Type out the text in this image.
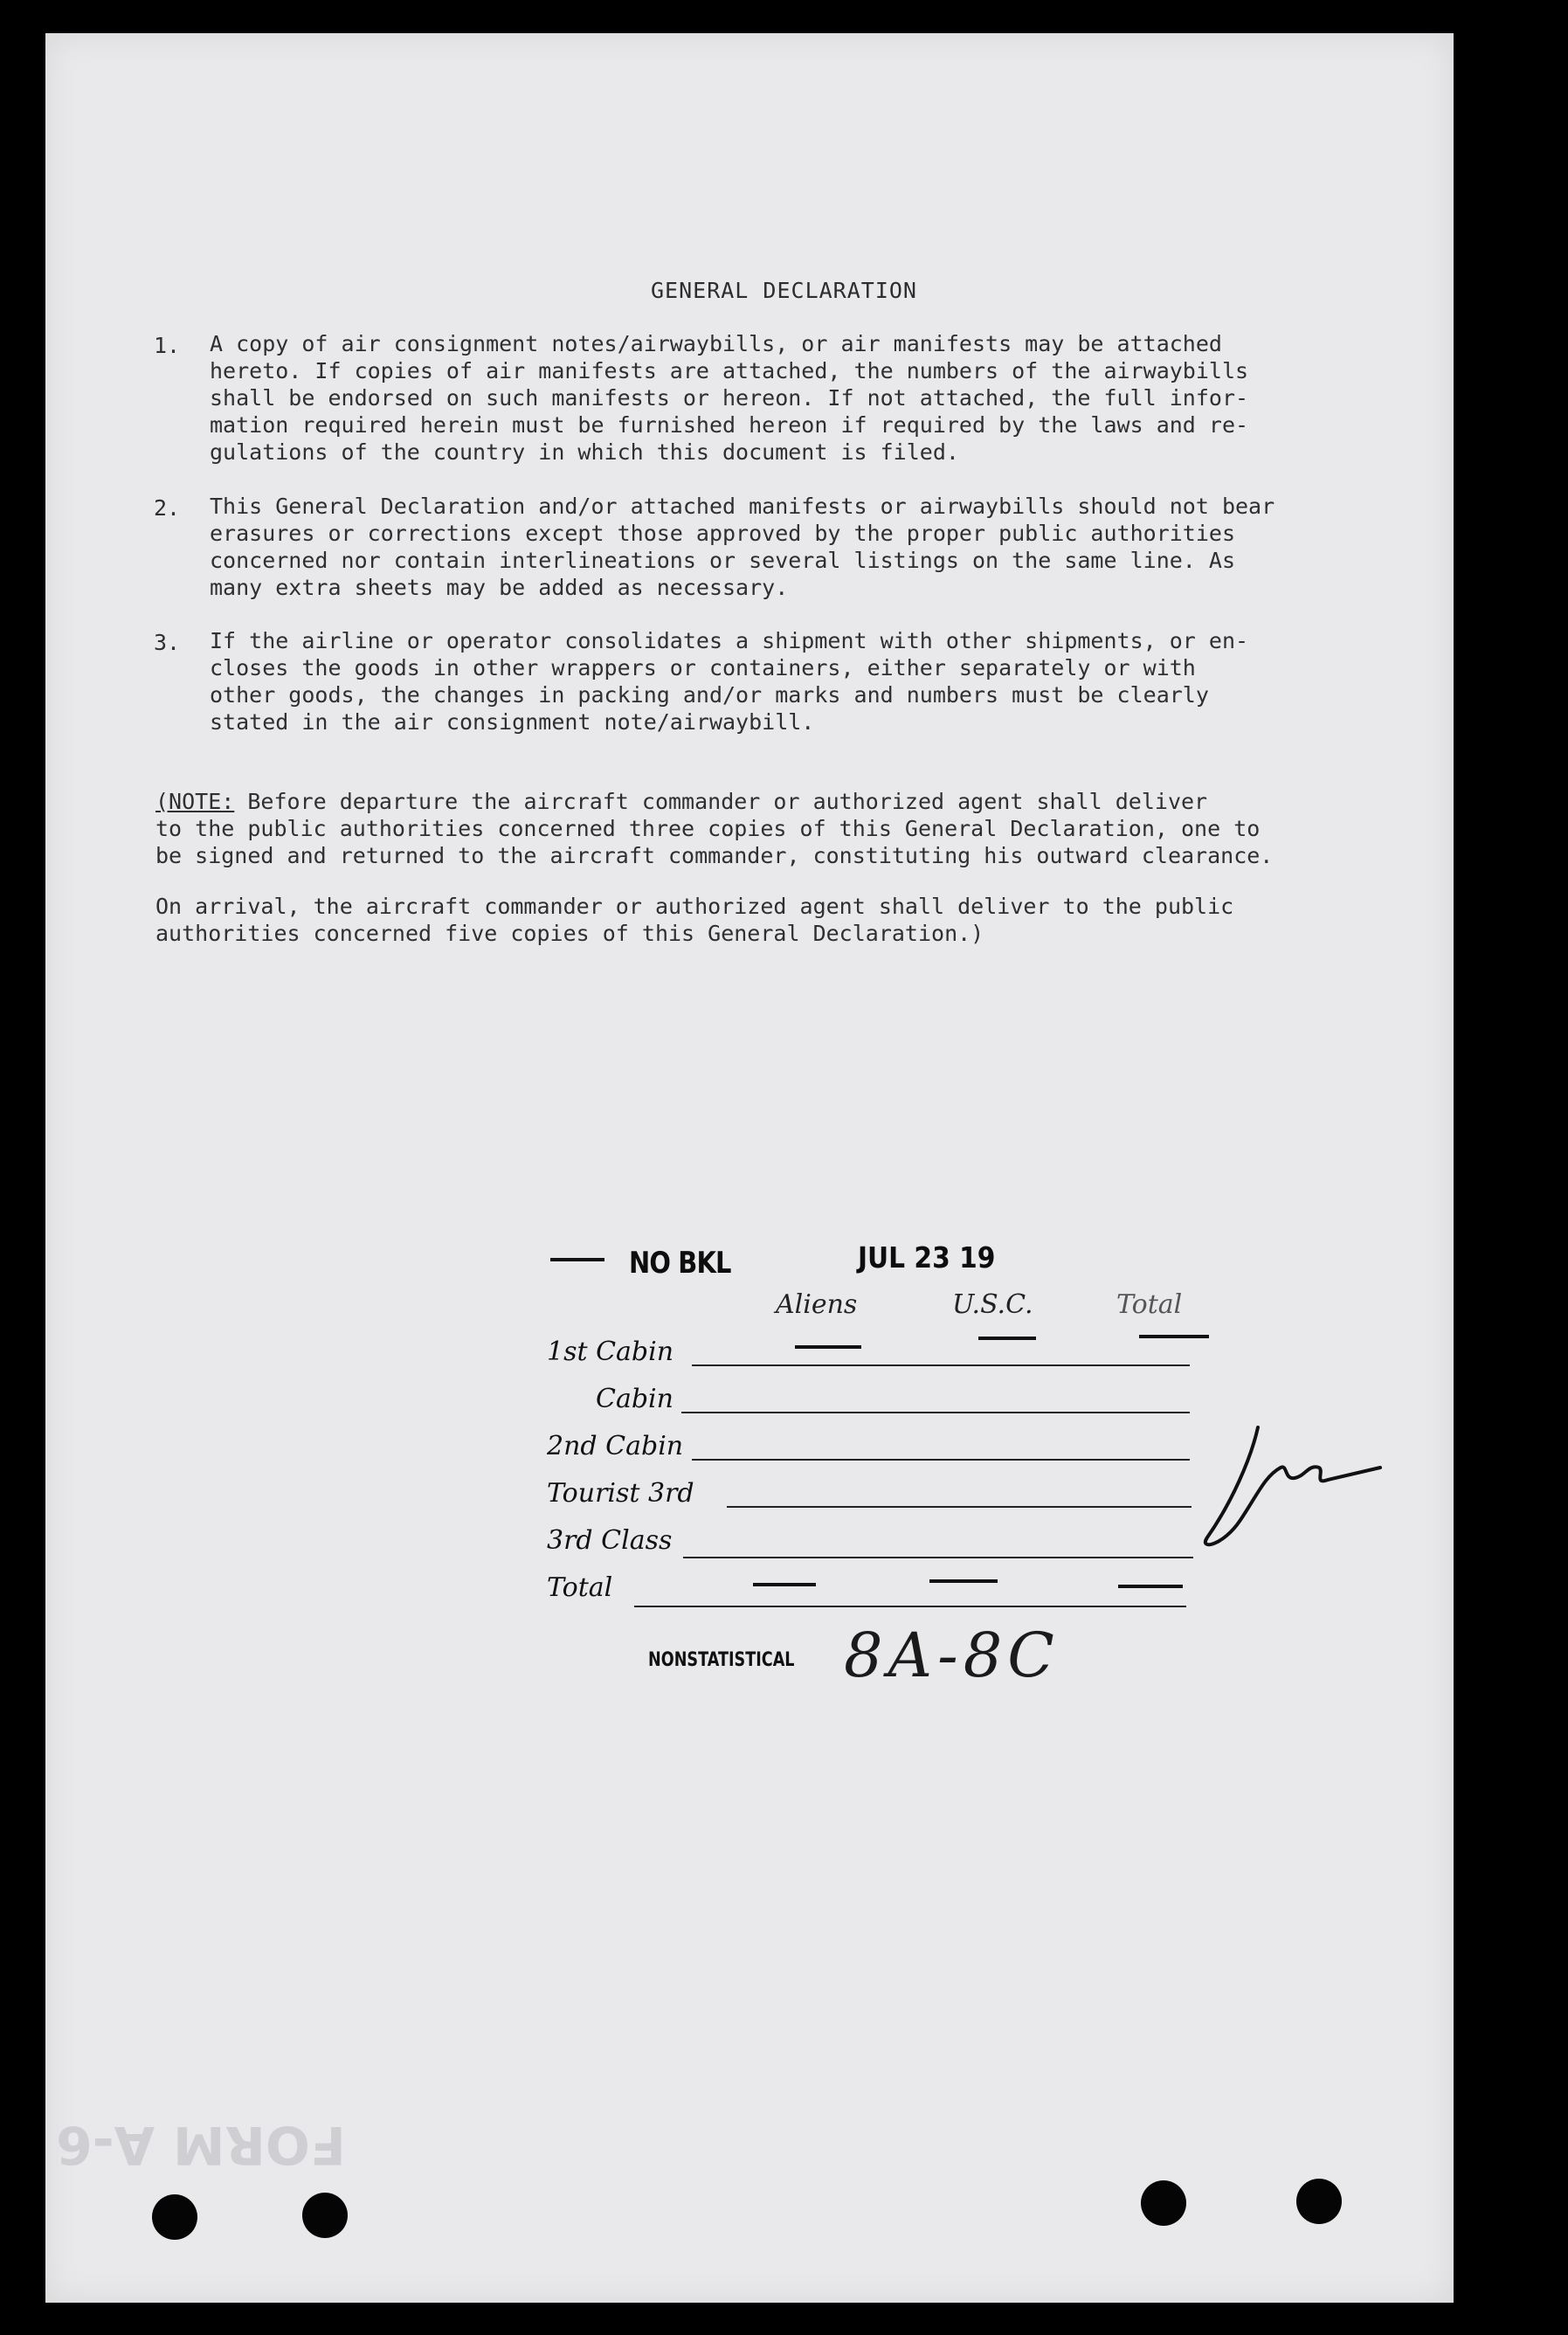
GENERAL DECLARATION
1. A copy of air consignment notes/airwaybills, or air manifests may be attached
hereto. If copies of air manifests are attached, the numbers of the airwaybills
shall be endorsed on such manifests or hereon. If not attached, the full infor-
mation required herein must be furnished hereon if required by the laws and re-
gulations of the country in which this document is filed.
2. This General Declaration and/or attached manifests or airwaybills should not bear
erasures or corrections except those approved by the proper public authorities
concerned nor contain interlineations or several listings on the same line. As
many extra sheets may be added as necessary.
3. If the airline or operator consolidates a shipment with other shipments, or en-
closes the goods in other wrappers or containers, either separately or with
other goods, the changes in packing and/or marks and numbers must be clearly
stated in the air consignment note/airwaybill.
(NOTE: Before departure the aircraft commander or authorized agent shall deliver
to the public authorities concerned three copies of this General Declaration, one to
be signed and returned to the aircraft commander, constituting his outward clearance.
On arrival, the aircraft commander or authorized agent shall deliver to the public
authorities concerned five copies of this General Declaration.)
NO BKL	JUL 23 19
Aliens	U.S.C.	Total
1st Cabin
Cabin
2nd Cabin
Tourist 3rd
3rd Class
Total
NONSTATISTICAL 8A-8C
FORM A-6
